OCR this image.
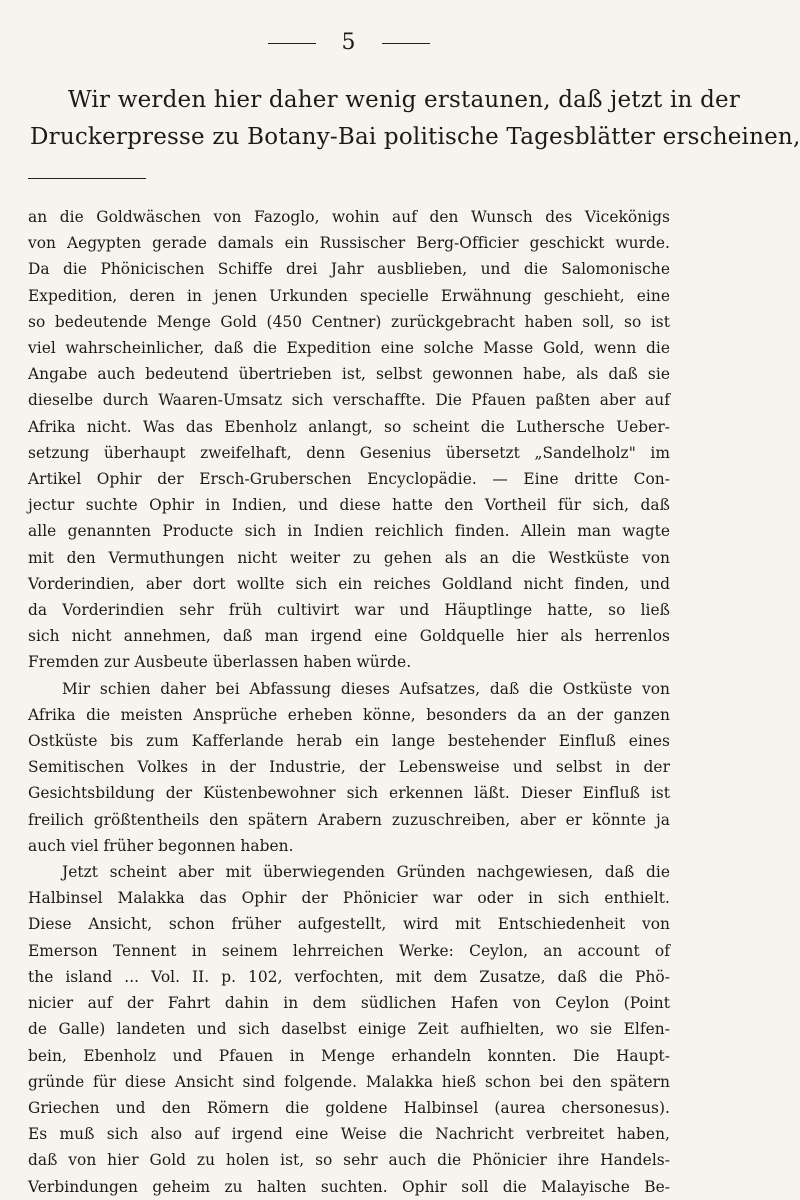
5
Wir werden hier daher wenig erstaunen, daß jetzt in der
Druckerpresse zu Botany-Bai politische Tagesblätter erscheinen,
an die Goldwäschen von Fazoglo, wohin auf den Wunsch des Vicekönigs
von Aegypten gerade damals ein Russischer Berg-Officier geschickt wurde.
Da die Phönicischen Schiffe drei Jahr ausblieben, und die Salomonische
Expedition, deren in jenen Urkunden specielle Erwähnung geschieht, eine
so bedeutende Menge Gold (450 Centner) zurückgebracht haben soll, so ist
viel wahrscheinlicher, daß die Expedition eine solche Masse Gold, wenn die
Angabe auch bedeutend übertrieben ist, selbst gewonnen habe, als daß sie
dieselbe durch Waaren-Umsatz sich verschaffte. Die Pfauen paßten aber auf
Afrika nicht. Was das Ebenholz anlangt, so scheint die Luthersche Ueber-
setzung überhaupt zweifelhaft, denn Gesenius übersetzt „Sandelholz" im
Artikel Ophir der Ersch-Gruberschen Encyclopädie. — Eine dritte Con-
jectur suchte Ophir in Indien, und diese hatte den Vortheil für sich, daß
alle genannten Producte sich in Indien reichlich finden. Allein man wagte
mit den Vermuthungen nicht weiter zu gehen als an die Westküste von
Vorderindien, aber dort wollte sich ein reiches Goldland nicht finden, und
da Vorderindien sehr früh cultivirt war und Häuptlinge hatte, so ließ
sich nicht annehmen, daß man irgend eine Goldquelle hier als herrenlos
Fremden zur Ausbeute überlassen haben würde.
Mir schien daher bei Abfassung dieses Aufsatzes, daß die Ostküste von
Afrika die meisten Ansprüche erheben könne, besonders da an der ganzen
Ostküste bis zum Kafferlande herab ein lange bestehender Einfluß eines
Semitischen Volkes in der Industrie, der Lebensweise und selbst in der
Gesichtsbildung der Küstenbewohner sich erkennen läßt. Dieser Einfluß ist
freilich größtentheils den spätern Arabern zuzuschreiben, aber er könnte ja
auch viel früher begonnen haben.
Jetzt scheint aber mit überwiegenden Gründen nachgewiesen, daß die
Halbinsel Malakka das Ophir der Phönicier war oder in sich enthielt.
Diese Ansicht, schon früher aufgestellt, wird mit Entschiedenheit von
Emerson Tennent in seinem lehrreichen Werke: Ceylon, an account of
the island ... Vol. II. p. 102, verfochten, mit dem Zusatze, daß die Phö-
nicier auf der Fahrt dahin in dem südlichen Hafen von Ceylon (Point
de Galle) landeten und sich daselbst einige Zeit aufhielten, wo sie Elfen-
bein, Ebenholz und Pfauen in Menge erhandeln konnten. Die Haupt-
gründe für diese Ansicht sind folgende. Malakka hieß schon bei den spätern
Griechen und den Römern die goldene Halbinsel (aurea chersonesus).
Es muß sich also auf irgend eine Weise die Nachricht verbreitet haben,
daß von hier Gold zu holen ist, so sehr auch die Phönicier ihre Handels-
Verbindungen geheim zu halten suchten. Ophir soll die Malayische Be-
